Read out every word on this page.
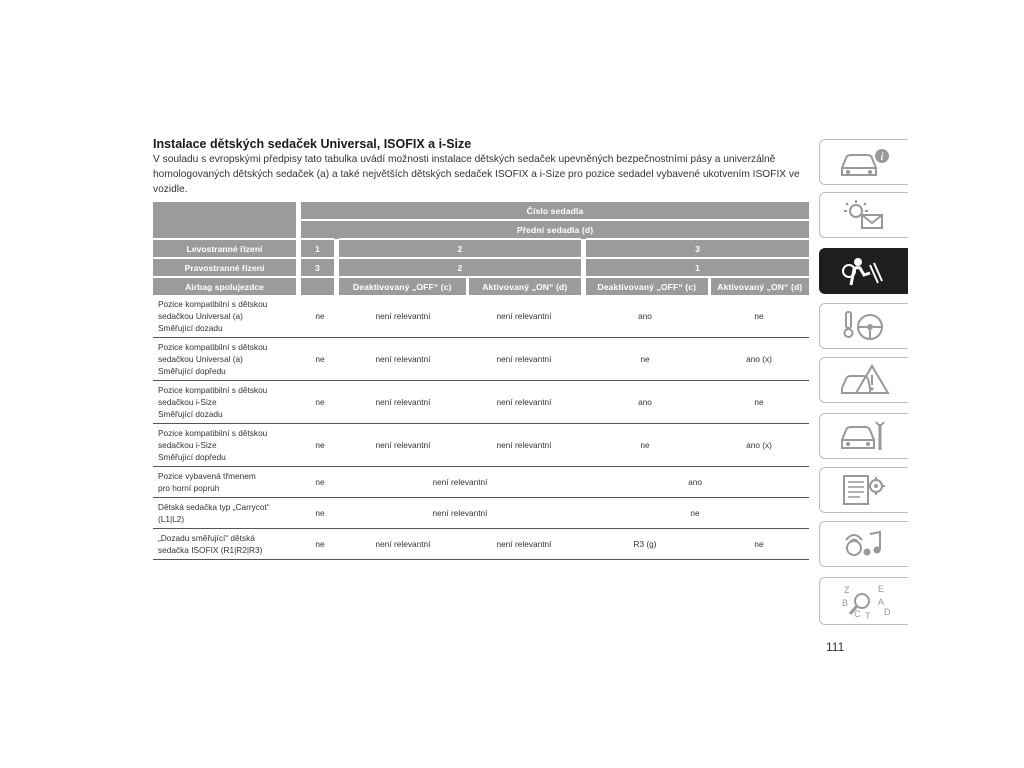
Instalace dětských sedaček Universal, ISOFIX a i-Size
V souladu s evropskými předpisy tato tabulka uvádí možnosti instalace dětských sedaček upevněných bezpečnostními pásy a univerzálně homologovaných dětských sedaček (a) a také největších dětských sedaček ISOFIX a i-Size pro pozice sedadel vybavené ukotvením ISOFIX ve vozidle.
		Číslo sedadla						
		Přední sedadla (d)						
Levostranné řízení		1		2			3	
Pravostranné řízení		3		2			1	
Airbag spolujezdce				Deaktivovaný „OFF“ (c)	Aktivovaný „ON“ (d)		Deaktivovaný „OFF“ (c)	Aktivovaný „ON“ (d)
Pozice kompatibilní s dětskou
sedačkou Universal (a)
Směřující dozadu		ne		není relevantní	není relevantní	ano		ne
Pozice kompatibilní s dětskou
sedačkou Universal (a)
Směřující dopředu		ne		není relevantní	není relevantní	ne		ano (x)
Pozice kompatibilní s dětskou
sedačkou i-Size
Směřující dozadu		ne		není relevantní	není relevantní	ano		ne
Pozice kompatibilní s dětskou
sedačkou i-Size
Směřující dopředu		ne		není relevantní	není relevantní	ne		ano (x)
Pozice vybavená třmenem
pro horní popruh		ne		není relevantní		ano		
Dětská sedačka typ „Carrycot“
(L1|L2)		ne		není relevantní		ne		
„Dozadu směřující“ dětská
sedačka ISOFIX (R1|R2|R3)		ne		není relevantní	není relevantní	R3 (g)		ne
i
Z	E
B	A
C T D
111
